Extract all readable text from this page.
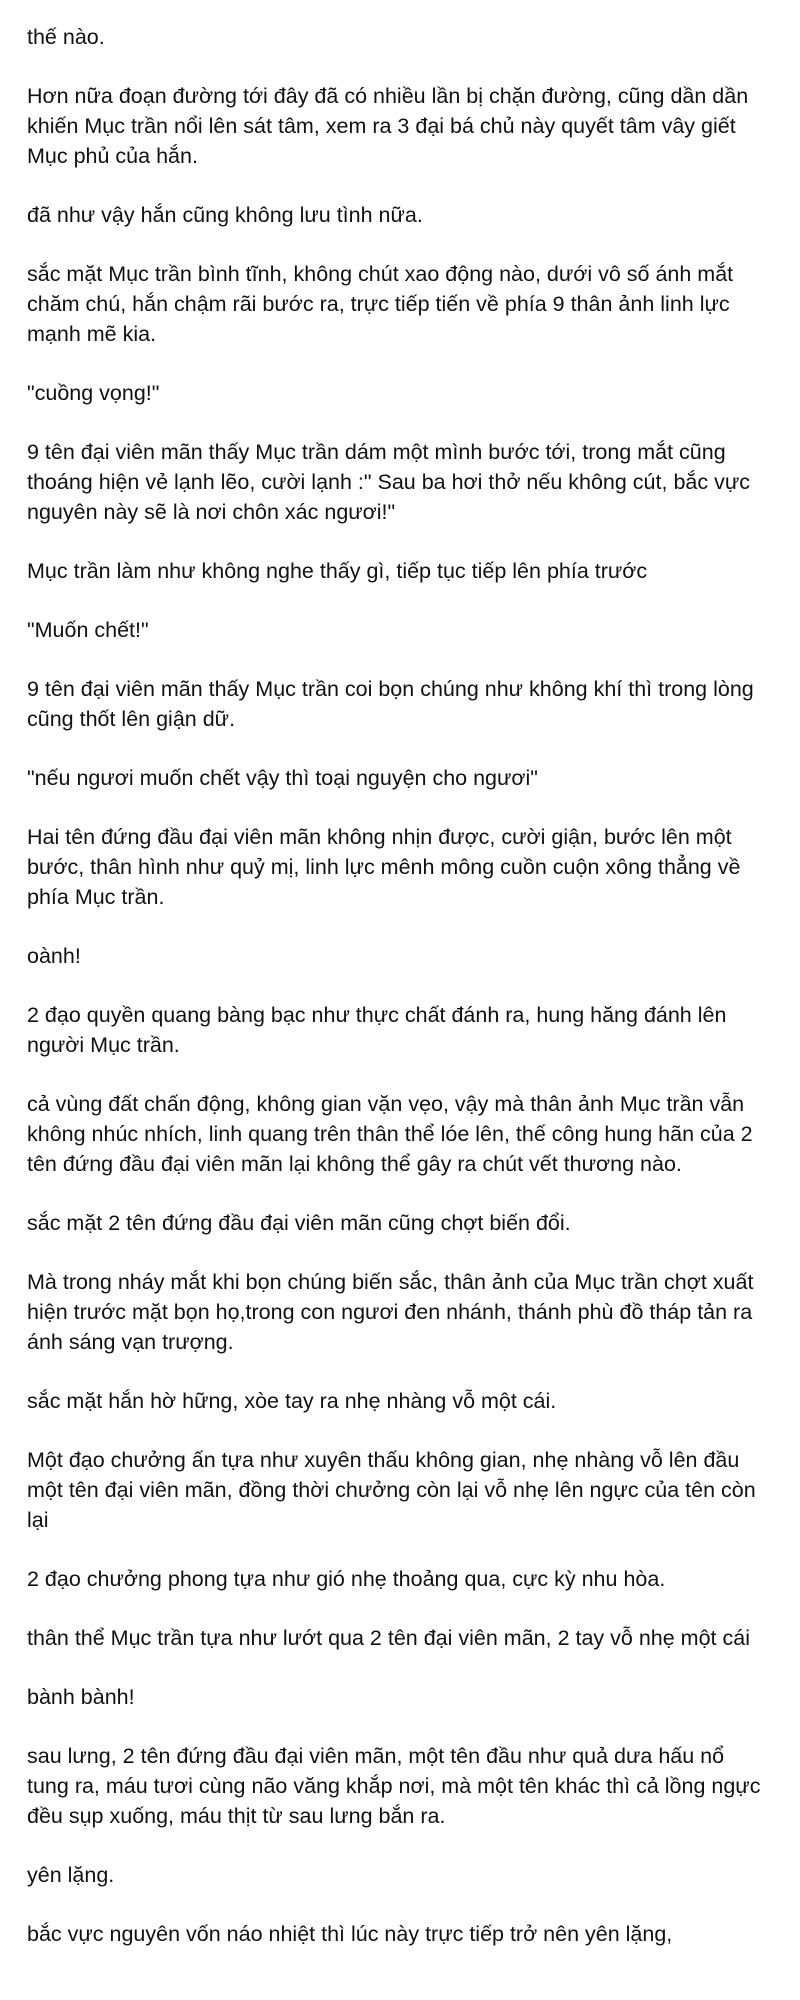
thế nào.

Hơn nữa đoạn đường tới đây đã có nhiều lần bị chặn đường, cũng dần dần khiến Mục trần nổi lên sát tâm, xem ra 3 đại bá chủ này quyết tâm vây giết Mục phủ của hắn.

đã như vậy hắn cũng không lưu tình nữa.

sắc mặt Mục trần bình tĩnh, không chút xao động nào, dưới vô số ánh mắt chăm chú, hắn chậm rãi bước ra, trực tiếp tiến về phía 9 thân ảnh linh lực mạnh mẽ kia.

"cuồng vọng!"

9 tên đại viên mãn thấy Mục trần dám một mình bước tới, trong mắt cũng thoáng hiện vẻ lạnh lẽo, cười lạnh :" Sau ba hơi thở nếu không cút, bắc vực nguyên này sẽ là nơi chôn xác ngươi!"

Mục trần làm như không nghe thấy gì, tiếp tục tiếp lên phía trước

"Muốn chết!"

9 tên đại viên mãn thấy Mục trần coi bọn chúng như không khí thì trong lòng cũng thốt lên giận dữ.

"nếu ngươi muốn chết vậy thì toại nguyện cho ngươi"

Hai tên đứng đầu đại viên mãn không nhịn được, cười giận, bước lên một bước, thân hình như quỷ mị, linh lực mênh mông cuồn cuộn xông thẳng về phía Mục trần.

oành!

2 đạo quyền quang bàng bạc như thực chất đánh ra, hung hăng đánh lên người Mục trần.

cả vùng đất chấn động, không gian vặn vẹo, vậy mà thân ảnh Mục trần vẫn không nhúc nhích, linh quang trên thân thể lóe lên, thế công hung hãn của 2 tên đứng đầu đại viên mãn lại không thể gây ra chút vết thương nào.

sắc mặt 2 tên đứng đầu đại viên mãn cũng chợt biến đổi.

Mà trong nháy mắt khi bọn chúng biến sắc, thân ảnh của Mục trần chợt xuất hiện trước mặt bọn họ,trong con ngươi đen nhánh, thánh phù đồ tháp tản ra ánh sáng vạn trượng.

sắc mặt hắn hờ hững, xòe tay ra nhẹ nhàng vỗ một cái.

Một đạo chưởng ấn tựa như xuyên thấu không gian, nhẹ nhàng vỗ lên đầu một tên đại viên mãn, đồng thời chưởng còn lại vỗ nhẹ lên ngực của tên còn lại

2 đạo chưởng phong tựa như gió nhẹ thoảng qua, cực kỳ nhu hòa.

thân thể Mục trần tựa như lướt qua 2 tên đại viên mãn, 2 tay vỗ nhẹ một cái

bành bành!

sau lưng, 2 tên đứng đầu đại viên mãn, một tên đầu như quả dưa hấu nổ tung ra, máu tươi cùng não văng khắp nơi, mà một tên khác thì cả lồng ngực đều sụp xuống, máu thịt từ sau lưng bắn ra.

yên lặng.

bắc vực nguyên vốn náo nhiệt thì lúc này trực tiếp trở nên yên lặng,
